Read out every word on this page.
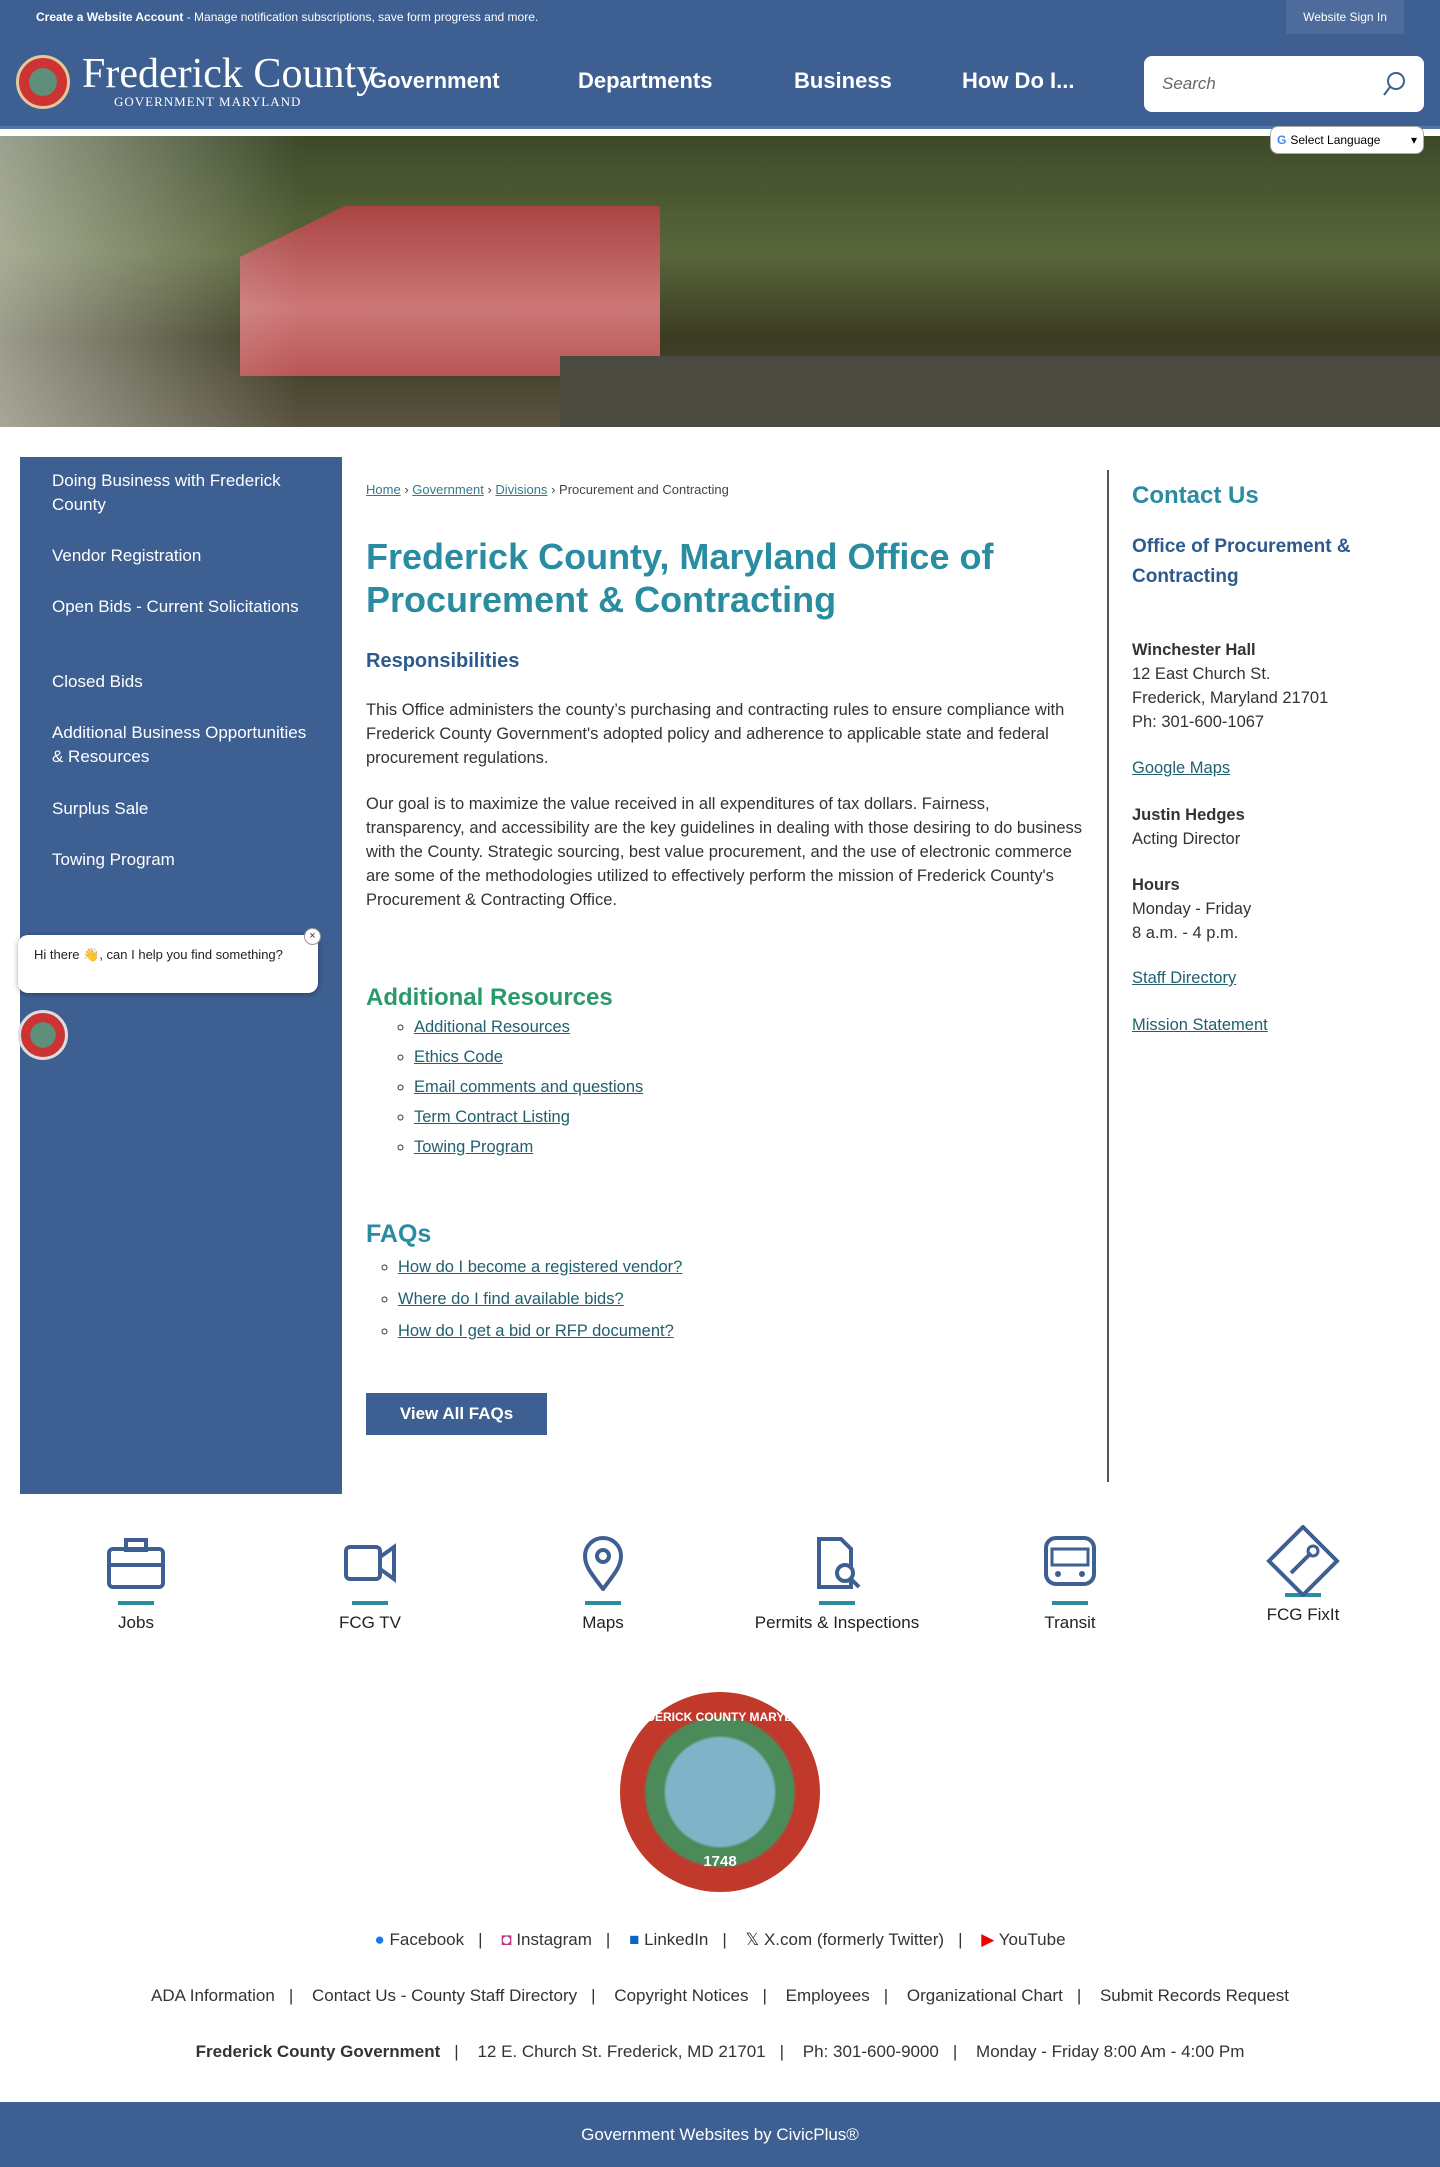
Create a Website Account - Manage notification subscriptions, save form progress and more.	Website Sign In
Frederick County
GOVERNMENT MARYLAND
Government	Departments	Business	How Do I...	Search
G Select Language	▾
Doing Business with Frederick County
Vendor Registration
Open Bids - Current Solicitations
Closed Bids
Additional Business Opportunities & Resources
Surplus Sale
Towing Program
Hi there 👋, can I help you find something?
×
Home › Government › Divisions › Procurement and Contracting
Frederick County, Maryland Office of Procurement & Contracting
Responsibilities

This Office administers the county’s purchasing and contracting rules to ensure compliance with Frederick County Government's adopted policy and adherence to applicable state and federal procurement regulations.

Our goal is to maximize the value received in all expenditures of tax dollars. Fairness, transparency, and accessibility are the key guidelines in dealing with those desiring to do business with the County. Strategic sourcing, best value procurement, and the use of electronic commerce are some of the methodologies utilized to effectively perform the mission of Frederick County's Procurement & Contracting Office.

Additional Resources
◦ Additional Resources
◦ Ethics Code
◦ Email comments and questions
◦ Term Contract Listing
◦ Towing Program
FAQs
◦ How do I become a registered vendor?
◦ Where do I find available bids?
◦ How do I get a bid or RFP document?
View All FAQs
Contact Us
Office of Procurement & Contracting
Winchester Hall
12 East Church St.
Frederick, Maryland 21701
Ph: 301-600-1067
Google Maps
Justin Hedges
Acting Director
Hours
Monday - Friday
8 a.m. - 4 p.m.
Staff Directory
Mission Statement
Jobs	FCG TV	Maps	Permits & Inspections	Transit	FCG FixIt
FREDERICK COUNTY MARYLAND
1748
● Facebook | ◘ Instagram | ■ LinkedIn | 𝕏 X.com (formerly Twitter) | ▶ YouTube
ADA Information | Contact Us - County Staff Directory | Copyright Notices | Employees | Organizational Chart | Submit Records Request
Frederick County Government | 12 E. Church St. Frederick, MD 21701 | Ph: 301-600-9000 | Monday - Friday 8:00 Am - 4:00 Pm
Government Websites by CivicPlus®
